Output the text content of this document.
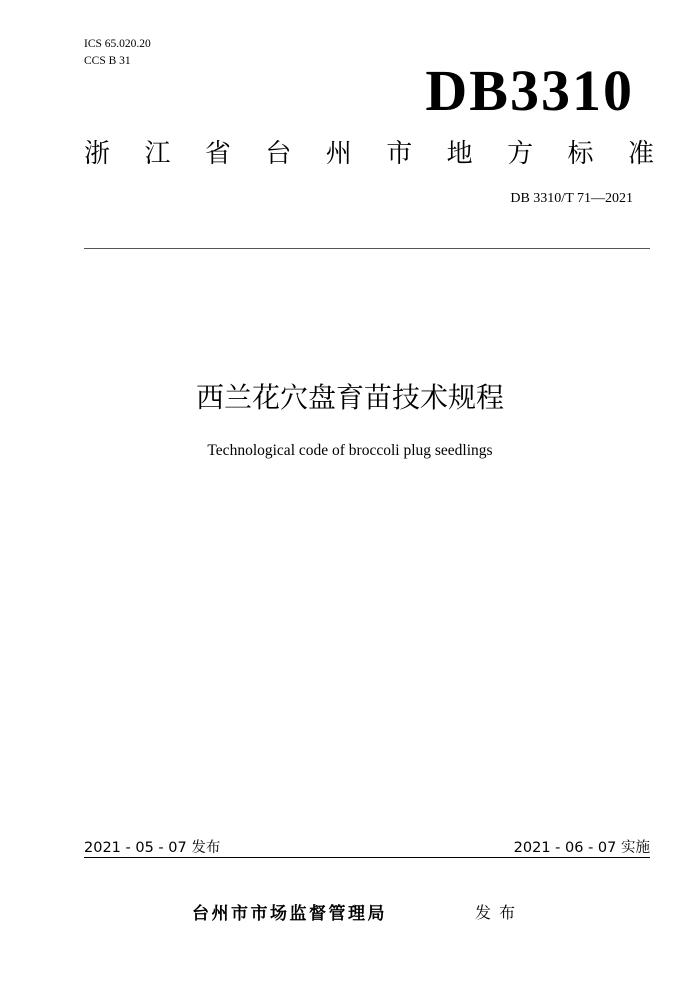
ICS 65.020.20
CCS B 31	DB3310
浙 江 省 台 州 市 地 方 标 准
DB 3310/T 71—2021
西兰花穴盘育苗技术规程
Technological code of broccoli plug seedlings
2021 - 05 - 07 发布	2021 - 06 - 07 实施
台州市市场监督管理局	发布
